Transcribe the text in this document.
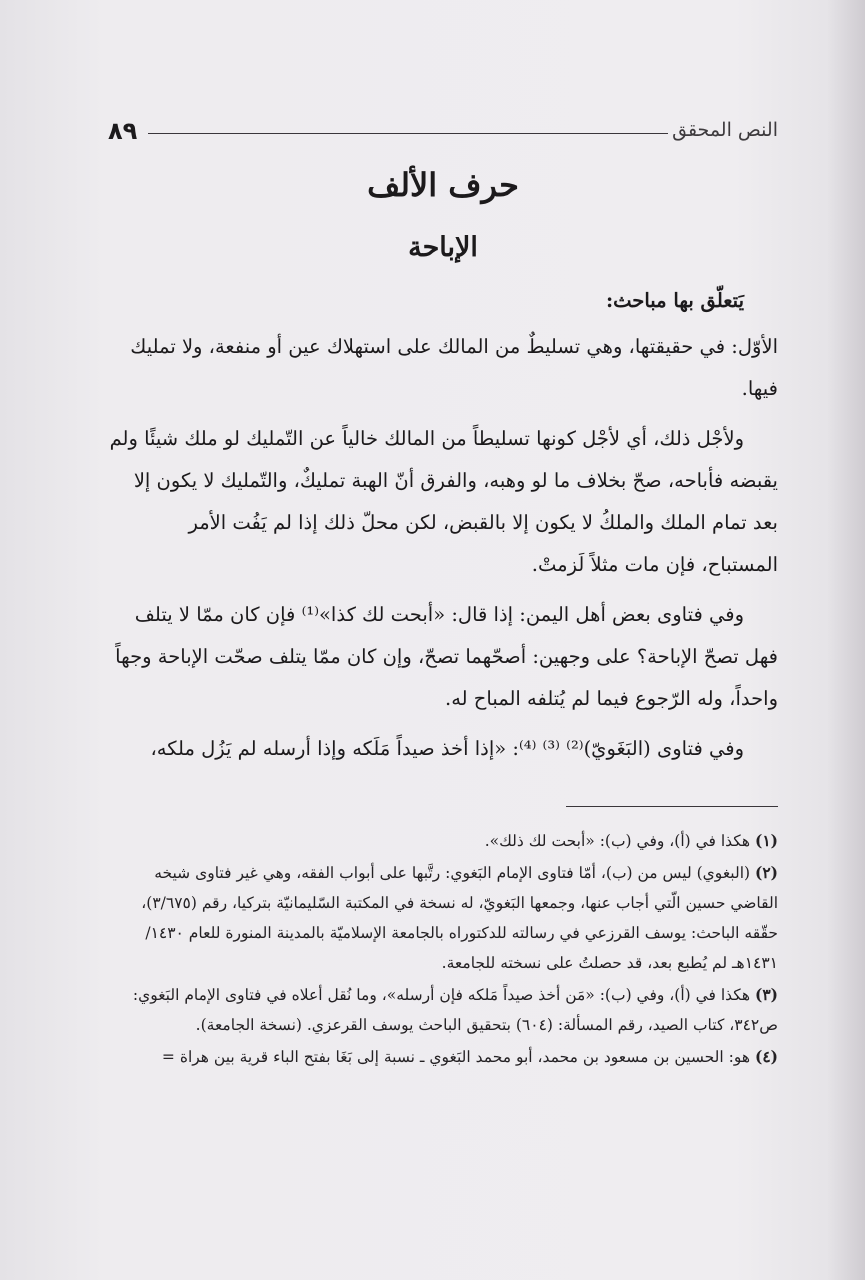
٨٩	النص المحقق
حرف الألف
الإباحة

يَتعلّق بها مباحث:

الأوّل: في حقيقتها، وهي تسليطٌ من المالك على استهلاك عين أو منفعة، ولا تمليك فيها.

ولأجْل ذلك، أي لأجْل كونها تسليطاً من المالك خالياً عن التّمليك لو ملك شيئًا ولم يقبضه فأباحه، صحّ بخلاف ما لو وهبه، والفرق أنّ الهبة تمليكٌ، والتّمليك لا يكون إلا بعد تمام الملك والملكُ لا يكون إلا بالقبض، لكن محلّ ذلك إذا لم يَفُت الأمر المستباح، فإن مات مثلاً لَزمتْ.

وفي فتاوى بعض أهل اليمن: إذا قال: «أبحت لك كذا»⁽¹⁾ فإن كان ممّا لا يتلف فهل تصحّ الإباحة؟ على وجهين: أصحّهما تصحّ، وإن كان ممّا يتلف صحّت الإباحة وجهاً واحداً، وله الرّجوع فيما لم يُتلفه المباح له.

وفي فتاوى (البَغَويّ)⁽²⁾ ⁽³⁾ ⁽⁴⁾: «إذا أخذ صيداً مَلَكه وإذا أرسله لم يَزُل ملكه،

(١) هكذا في (أ)، وفي (ب): «أبحت لك ذلك».

(٢) (البغوي) ليس من (ب)، أمّا فتاوى الإمام البَغوي: رتَّبها على أبواب الفقه، وهي غير فتاوى شيخه القاضي حسين الّتي أجاب عنها، وجمعها البَغويّ، له نسخة في المكتبة السّليمانيّة بتركيا، رقم (٣/٦٧٥)، حقّقه الباحث: يوسف القرزعي في رسالته للدكتوراه بالجامعة الإسلاميّة بالمدينة المنورة للعام ١٤٣٠/ ١٤٣١هـ لم يُطبع بعد، قد حصلتُ على نسخته للجامعة.

(٣) هكذا في (أ)، وفي (ب): «مَن أخذ صيداً مَلكه فإن أرسله»، وما نُقل أعلاه في فتاوى الإمام البَغوي: ص٣٤٢، كتاب الصيد، رقم المسألة: (٦٠٤) بتحقيق الباحث يوسف القرعزي. (نسخة الجامعة).

(٤) هو: الحسين بن مسعود بن محمد، أبو محمد البَغوي ـ نسبة إلى بَغَا بفتح الباء قرية بين هراة =
